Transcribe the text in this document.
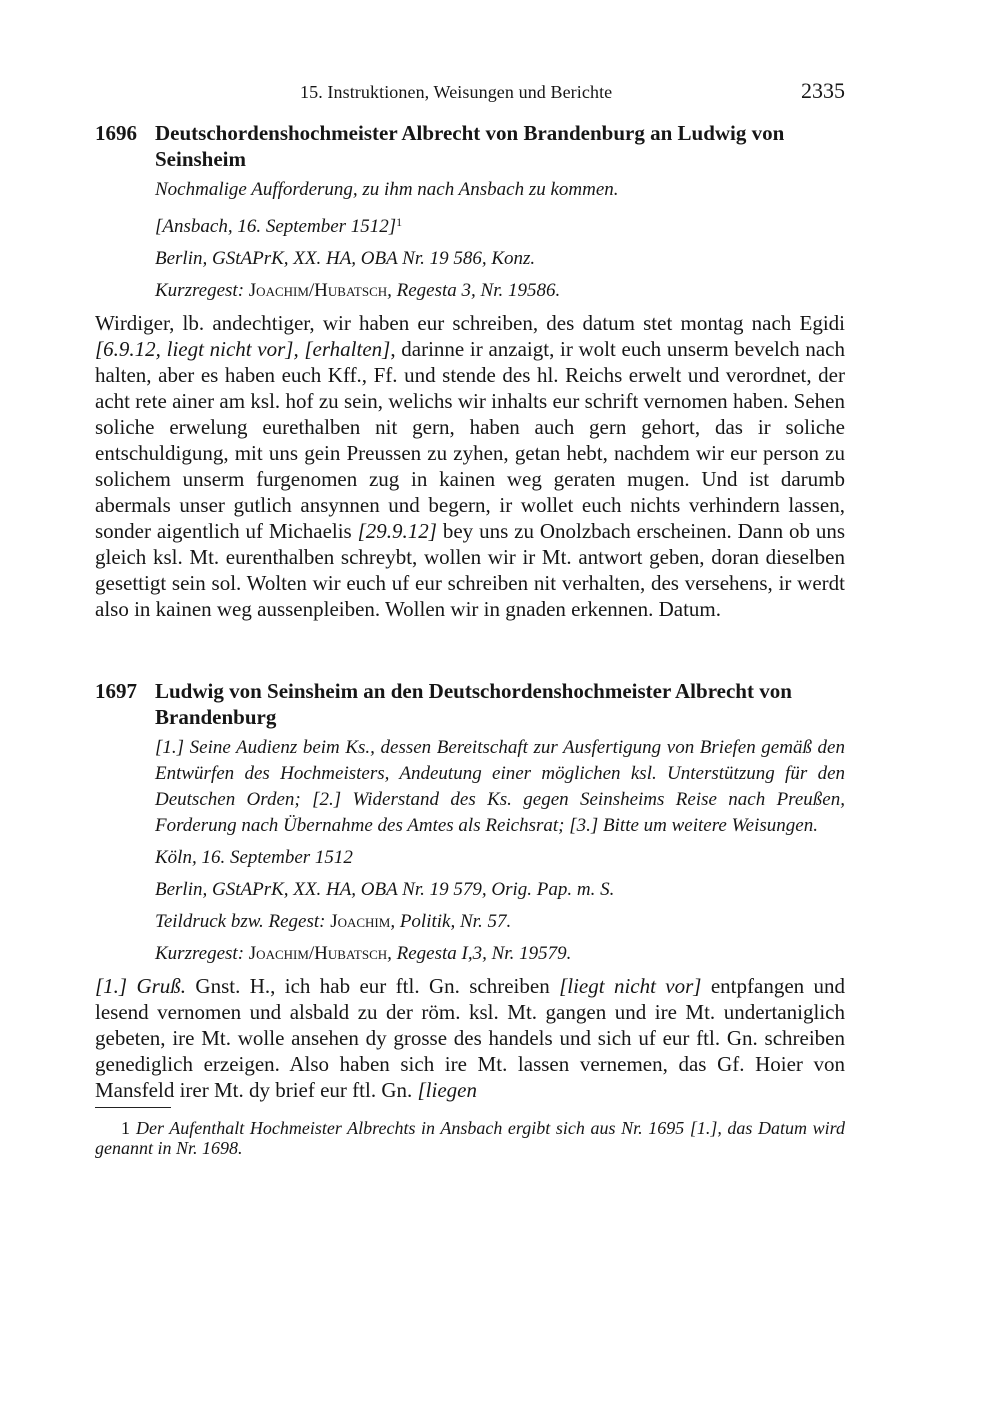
15. Instruktionen, Weisungen und Berichte	2335
1696 Deutschordenshochmeister Albrecht von Brandenburg an Ludwig von Seinsheim

Nochmalige Aufforderung, zu ihm nach Ansbach zu kommen.

[Ansbach, 16. September 1512]$^1$

Berlin, GStAPrK, XX. HA, OBA Nr. 19 586, Konz.

Kurzregest: Joachim/Hubatsch, Regesta 3, Nr. 19586.

Wirdiger, lb. andechtiger, wir haben eur schreiben, des datum stet montag nach Egidi [6.9.12, liegt nicht vor], [erhalten], darinne ir anzaigt, ir wolt euch unserm bevelch nach halten, aber es haben euch Kff., Ff. und stende des hl. Reichs erwelt und verordnet, der acht rete ainer am ksl. hof zu sein, welichs wir inhalts eur schrift vernomen haben. Sehen soliche erwelung eurethalben nit gern, haben auch gern gehort, das ir soliche entschuldigung, mit uns gein Preussen zu zyhen, getan hebt, nachdem wir eur person zu solichem unserm furgenomen zug in kainen weg geraten mugen. Und ist darumb abermals unser gutlich ansynnen und begern, ir wollet euch nichts verhindern lassen, sonder aigentlich uf Michaelis [29.9.12] bey uns zu Onolzbach erscheinen. Dann ob uns gleich ksl. Mt. eurenthalben schreybt, wollen wir ir Mt. antwort geben, doran dieselben gesettigt sein sol. Wolten wir euch uf eur schreiben nit verhalten, des versehens, ir werdt also in kainen weg aussenpleiben. Wollen wir in gnaden erkennen. Datum.

1697 Ludwig von Seinsheim an den Deutschordenshochmeister Albrecht von Brandenburg

[1.] Seine Audienz beim Ks., dessen Bereitschaft zur Ausfertigung von Briefen gemäß den Entwürfen des Hochmeisters, Andeutung einer möglichen ksl. Unterstützung für den Deutschen Orden; [2.] Widerstand des Ks. gegen Seinsheims Reise nach Preußen, Forderung nach Übernahme des Amtes als Reichsrat; [3.] Bitte um weitere Weisungen.

Köln, 16. September 1512

Berlin, GStAPrK, XX. HA, OBA Nr. 19 579, Orig. Pap. m. S.

Teildruck bzw. Regest: Joachim, Politik, Nr. 57.

Kurzregest: Joachim/Hubatsch, Regesta I,3, Nr. 19579.

[1.] Gruß. Gnst. H., ich hab eur ftl. Gn. schreiben [liegt nicht vor] entpfangen und lesend vernomen und alsbald zu der röm. ksl. Mt. gangen und ire Mt. undertaniglich gebeten, ire Mt. wolle ansehen dy grosse des handels und sich uf eur ftl. Gn. schreiben genediglich erzeigen. Also haben sich ire Mt. lassen vernemen, das Gf. Hoier von Mansfeld irer Mt. dy brief eur ftl. Gn. [liegen

1 Der Aufenthalt Hochmeister Albrechts in Ansbach ergibt sich aus Nr. 1695 [1.], das Datum wird genannt in Nr. 1698.
